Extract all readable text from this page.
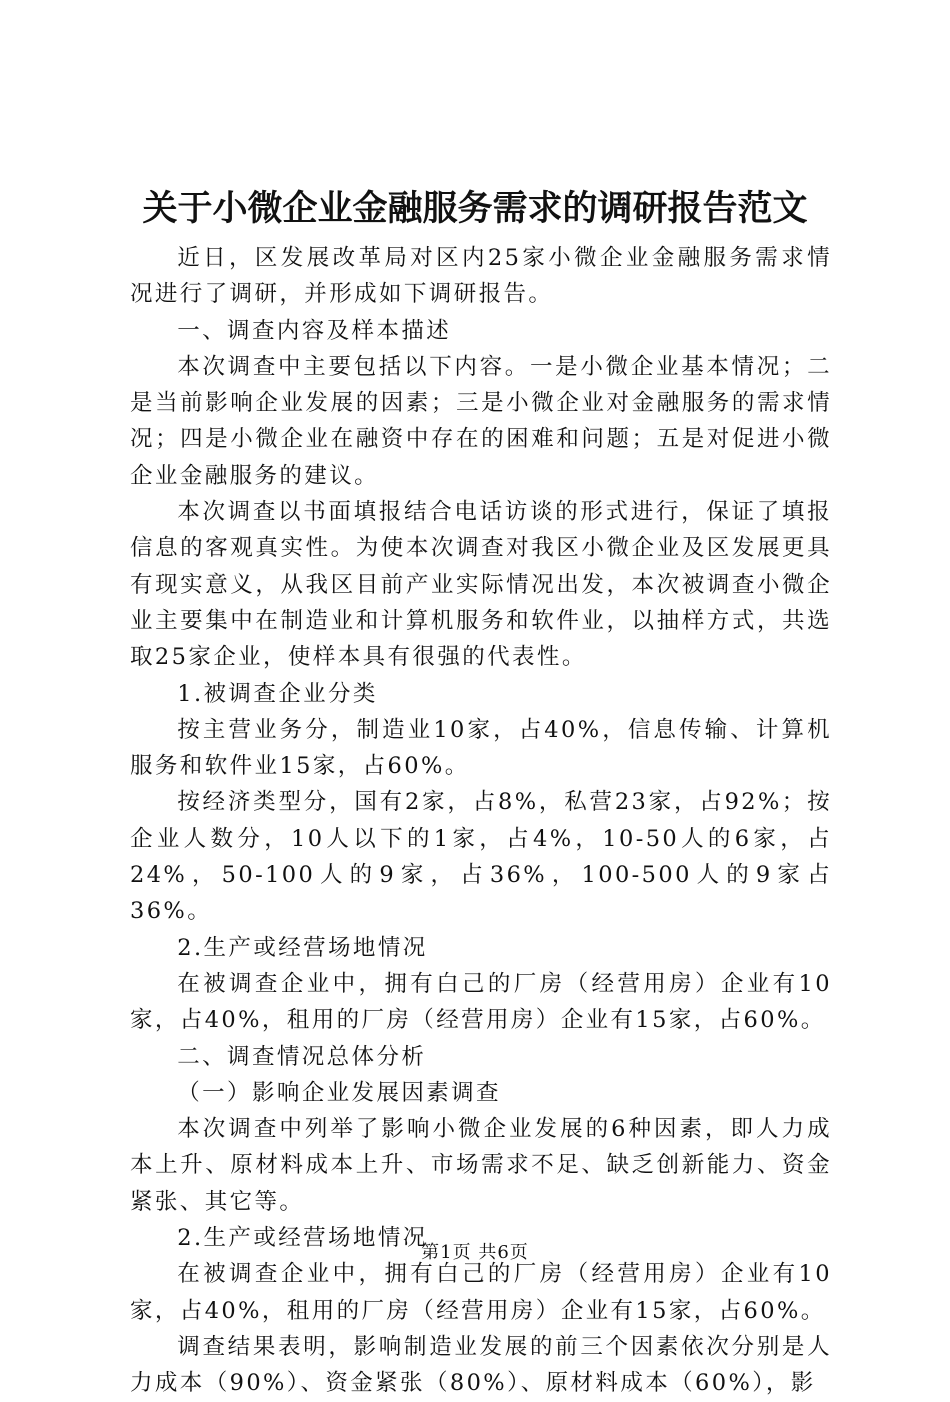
关于小微企业金融服务需求的调研报告范文

近日，区发展改革局对区内25家小微企业金融服务需求情况进行了调研，并形成如下调研报告。

一、调查内容及样本描述

本次调查中主要包括以下内容。一是小微企业基本情况；二是当前影响企业发展的因素；三是小微企业对金融服务的需求情况；四是小微企业在融资中存在的困难和问题；五是对促进小微企业金融服务的建议。

本次调查以书面填报结合电话访谈的形式进行，保证了填报信息的客观真实性。为使本次调查对我区小微企业及区发展更具有现实意义，从我区目前产业实际情况出发，本次被调查小微企业主要集中在制造业和计算机服务和软件业，以抽样方式，共选取25家企业，使样本具有很强的代表性。

1.被调查企业分类

按主营业务分，制造业10家，占40%，信息传输、计算机服务和软件业15家，占60%。

按经济类型分，国有2家，占8%，私营23家，占92%；按企业人数分，10人以下的1家，占4%，10-50人的6家，占24%，50-100人的9家，占36%，100-500人的9家占36%。

2.生产或经营场地情况

在被调查企业中，拥有白己的厂房（经营用房）企业有10家，占40%，租用的厂房（经营用房）企业有15家，占60%。

二、调查情况总体分析

（一）影响企业发展因素调查

本次调查中列举了影响小微企业发展的6种因素，即人力成本上升、原材料成本上升、市场需求不足、缺乏创新能力、资金紧张、其它等。

2.生产或经营场地情况

在被调查企业中，拥有白己的厂房（经营用房）企业有10家，占40%，租用的厂房（经营用房）企业有15家，占60%。

调查结果表明，影响制造业发展的前三个因素依次分别是人力成本（90%）、资金紧张（80%）、原材料成本（60%），影

第1页 共6页
